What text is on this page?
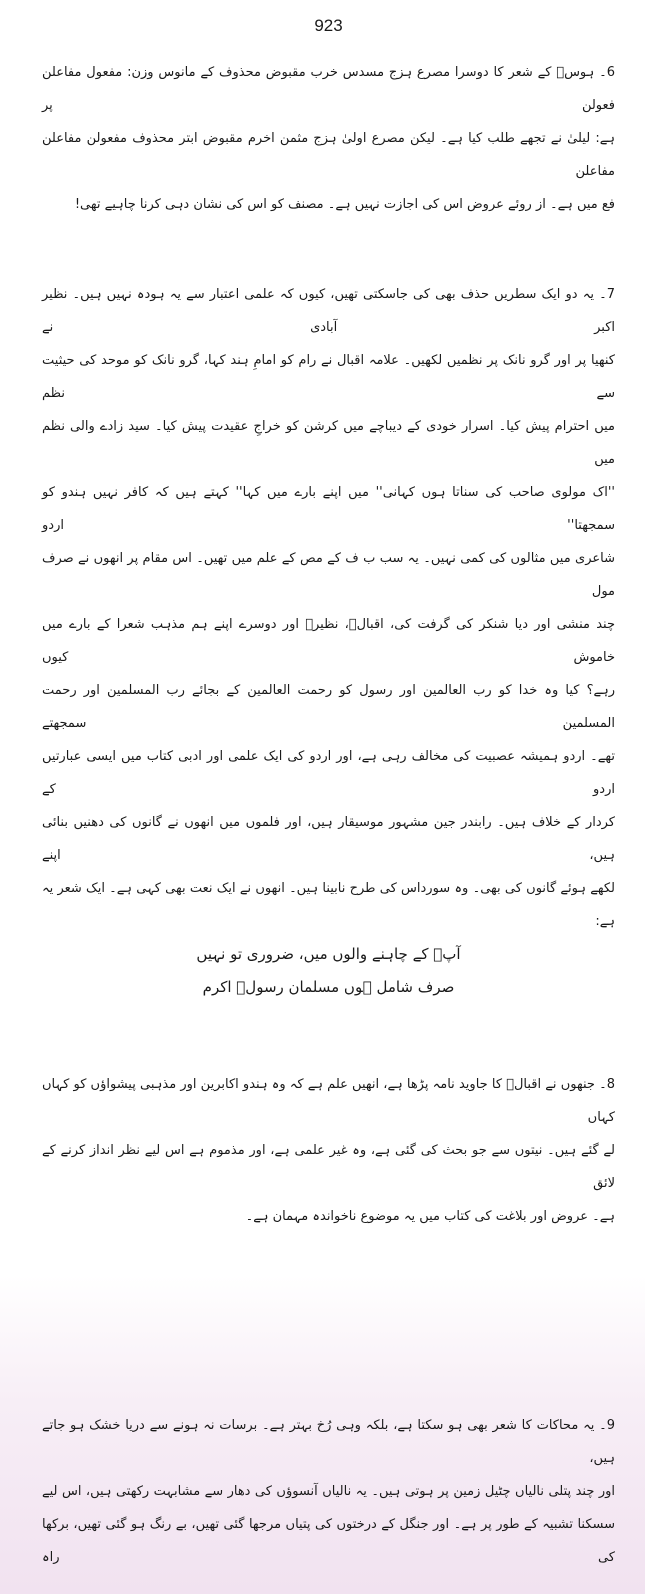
923
6۔ ہوسؔ کے شعر کا دوسرا مصرع ہزج مسدس خرب مقبوض محذوف کے مانوس وزن: مفعول مفاعلن فعولن پر
ہے: لیلیٰ نے تجھے طلب کیا ہے۔ لیکن مصرع اولیٰ ہزج مثمن اخرم مقبوض ابتر محذوف مفعولن مفاعلن مفاعلن
فع میں ہے۔ از روئے عروض اس کی اجازت نہیں ہے۔ مصنف کو اس کی نشان دہی کرنا چاہیے تھی!
7۔ یہ دو ایک سطریں حذف بھی کی جاسکتی تھیں، کیوں کہ علمی اعتبار سے یہ ہودہ نہیں ہیں۔ نظیر اکبر آبادی نے
کنھیا پر اور گرو نانک پر نظمیں لکھیں۔ علامہ اقبال نے رام کو امامِ ہند کہا، گرو نانک کو موحد کی حیثیت سے نظم
میں احترام پیش کیا۔ اسرار خودی کے دیباچے میں کرشن کو خراجِ عقیدت پیش کیا۔ سید زادے والی نظم میں
''اک مولوی صاحب کی سناتا ہوں کہانی'' میں اپنے بارے میں کہا'' کہتے ہیں کہ کافر نہیں ہندو کو سمجھتا'' اردو
شاعری میں مثالوں کی کمی نہیں۔ یہ سب ب ف کے مص کے علم میں تھیں۔ اس مقام پر انھوں نے صرف مول
چند منشی اور دیا شنکر کی گرفت کی، اقبالؔ، نظیرؔ اور دوسرے اپنے ہم مذہب شعرا کے بارے میں خاموش کیوں
رہے؟ کیا وہ خدا کو رب العالمین اور رسول کو رحمت العالمین کے بجائے رب المسلمین اور رحمت المسلمین سمجھتے
تھے۔ اردو ہمیشہ عصبیت کی مخالف رہی ہے، اور اردو کی ایک علمی اور ادبی کتاب میں ایسی عبارتیں اردو کے
کردار کے خلاف ہیں۔ رابندر جین مشہور موسیقار ہیں، اور فلموں میں انھوں نے گانوں کی دھنیں بنائی ہیں، اپنے
لکھے ہوئے گانوں کی بھی۔ وہ سورداس کی طرح نابینا ہیں۔ انھوں نے ایک نعت بھی کہی ہے۔ ایک شعر یہ ہے:
آپؐ کے چاہنے والوں میں، ضروری تو نہیں
صرف شامل ہوں مسلمان رسولؐ اکرم
8۔ جنھوں نے اقبالؔ کا جاوید نامہ پڑھا ہے، انھیں علم ہے کہ وہ ہندو اکابرین اور مذہبی پیشواؤں کو کہاں کہاں
لے گئے ہیں۔ نیتوں سے جو بحث کی گئی ہے، وہ غیر علمی ہے، اور مذموم ہے اس لیے نظر انداز کرنے کے لائق
ہے۔ عروض اور بلاغت کی کتاب میں یہ موضوع ناخواندہ مہمان ہے۔
9۔ یہ محاکات کا شعر بھی ہو سکتا ہے، بلکہ وہی رُخ بہتر ہے۔ برسات نہ ہونے سے دریا خشک ہو جاتے ہیں،
اور چند پتلی نالیاں چٹیل زمین پر ہوتی ہیں۔ یہ نالیاں آنسوؤں کی دھار سے مشابہت رکھتی ہیں، اس لیے
سسکنا تشبیہ کے طور پر ہے۔ اور جنگل کے درختوں کی پتیاں مرجھا گئی تھیں، بے رنگ ہو گئی تھیں، برکھا کی راہ
